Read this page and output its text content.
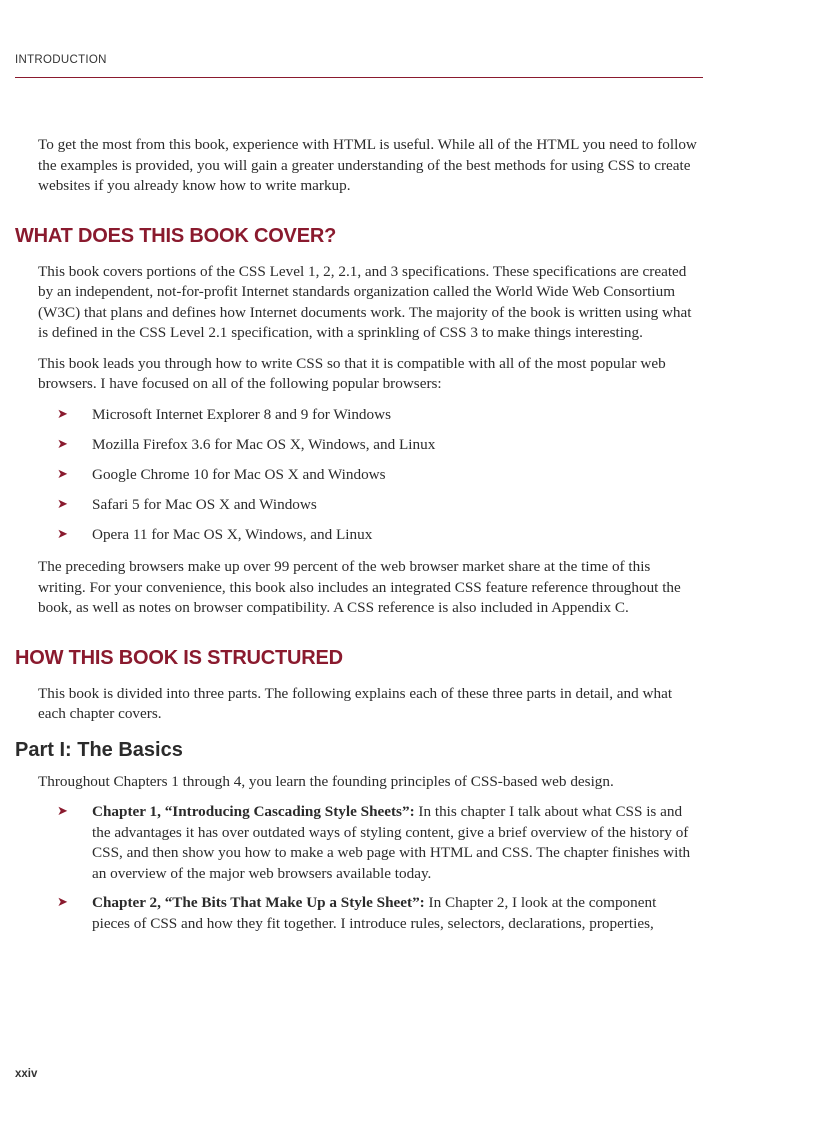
INTRODUCTION

To get the most from this book, experience with HTML is useful. While all of the HTML you need to follow the examples is provided, you will gain a greater understanding of the best methods for using CSS to create websites if you already know how to write markup.

WHAT DOES THIS BOOK COVER?

This book covers portions of the CSS Level 1, 2, 2.1, and 3 specifications. These specifications are created by an independent, not-for-profit Internet standards organization called the World Wide Web Consortium (W3C) that plans and defines how Internet documents work. The majority of the book is written using what is defined in the CSS Level 2.1 specification, with a sprinkling of CSS 3 to make things interesting.

This book leads you through how to write CSS so that it is compatible with all of the most popular web browsers. I have focused on all of the following popular browsers:

➤ Microsoft Internet Explorer 8 and 9 for Windows
➤ Mozilla Firefox 3.6 for Mac OS X, Windows, and Linux
➤ Google Chrome 10 for Mac OS X and Windows
➤ Safari 5 for Mac OS X and Windows
➤ Opera 11 for Mac OS X, Windows, and Linux

The preceding browsers make up over 99 percent of the web browser market share at the time of this writing. For your convenience, this book also includes an integrated CSS feature reference throughout the book, as well as notes on browser compatibility. A CSS reference is also included in Appendix C.

HOW THIS BOOK IS STRUCTURED

This book is divided into three parts. The following explains each of these three parts in detail, and what each chapter covers.

Part I: The Basics

Throughout Chapters 1 through 4, you learn the founding principles of CSS-based web design.

➤ Chapter 1, “Introducing Cascading Style Sheets”: In this chapter I talk about what CSS is and the advantages it has over outdated ways of styling content, give a brief overview of the history of CSS, and then show you how to make a web page with HTML and CSS. The chapter finishes with an overview of the major web browsers available today.
➤ Chapter 2, “The Bits That Make Up a Style Sheet”: In Chapter 2, I look at the component pieces of CSS and how they fit together. I introduce rules, selectors, declarations, properties,
xxiv
